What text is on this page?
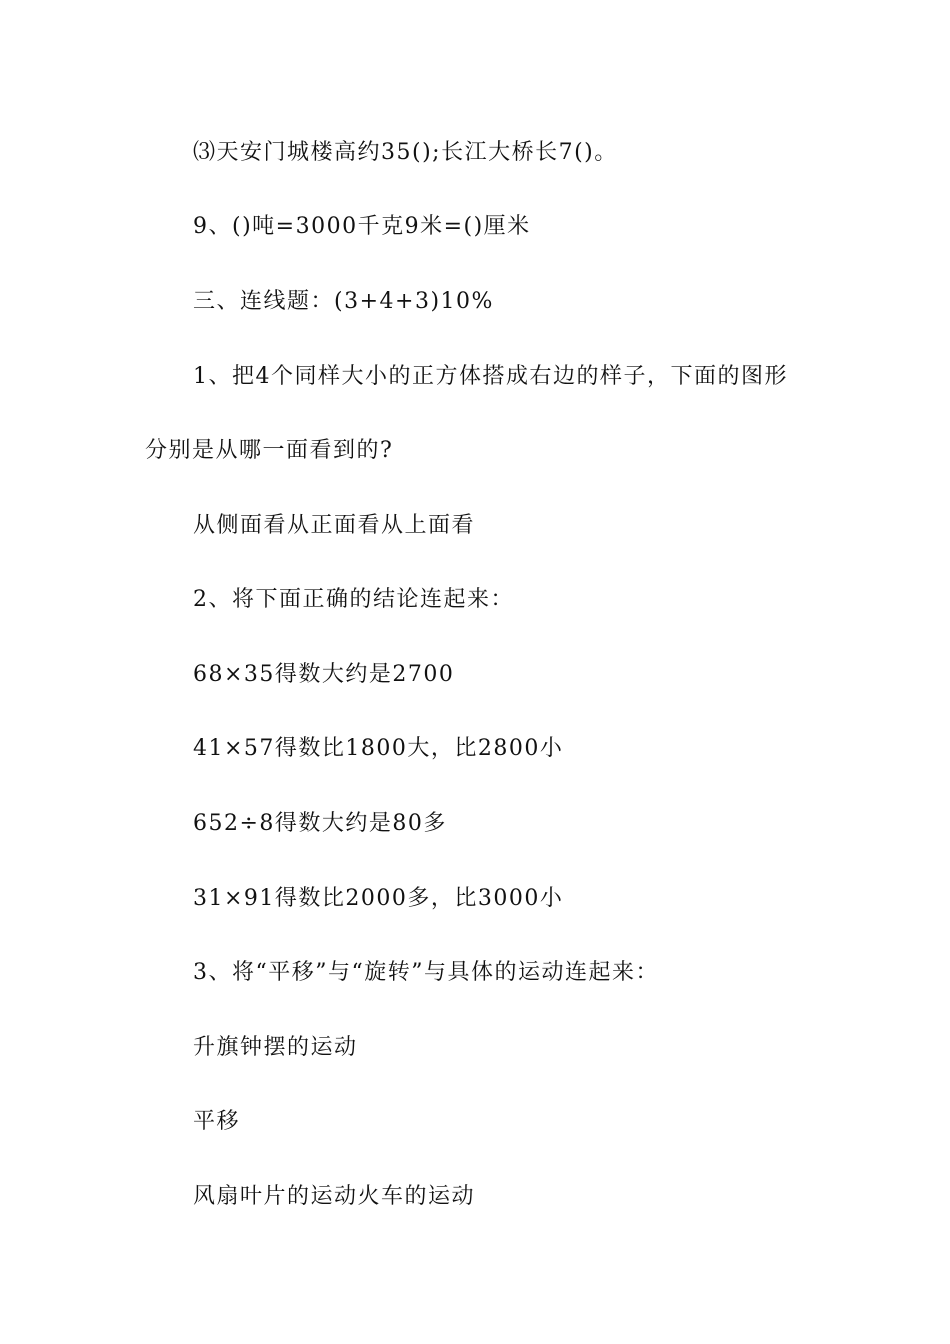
⑶天安门城楼高约35();长江大桥长7()。

9、()吨=3000千克9米=()厘米

三、连线题：(3+4+3)10%

1、把4个同样大小的正方体搭成右边的样子，下面的图形

分别是从哪一面看到的?

从侧面看从正面看从上面看

2、将下面正确的结论连起来：

68×35得数大约是2700

41×57得数比1800大，比2800小

652÷8得数大约是80多

31×91得数比2000多，比3000小

3、将“平移”与“旋转”与具体的运动连起来：

升旗钟摆的运动

平移

风扇叶片的运动火车的运动
